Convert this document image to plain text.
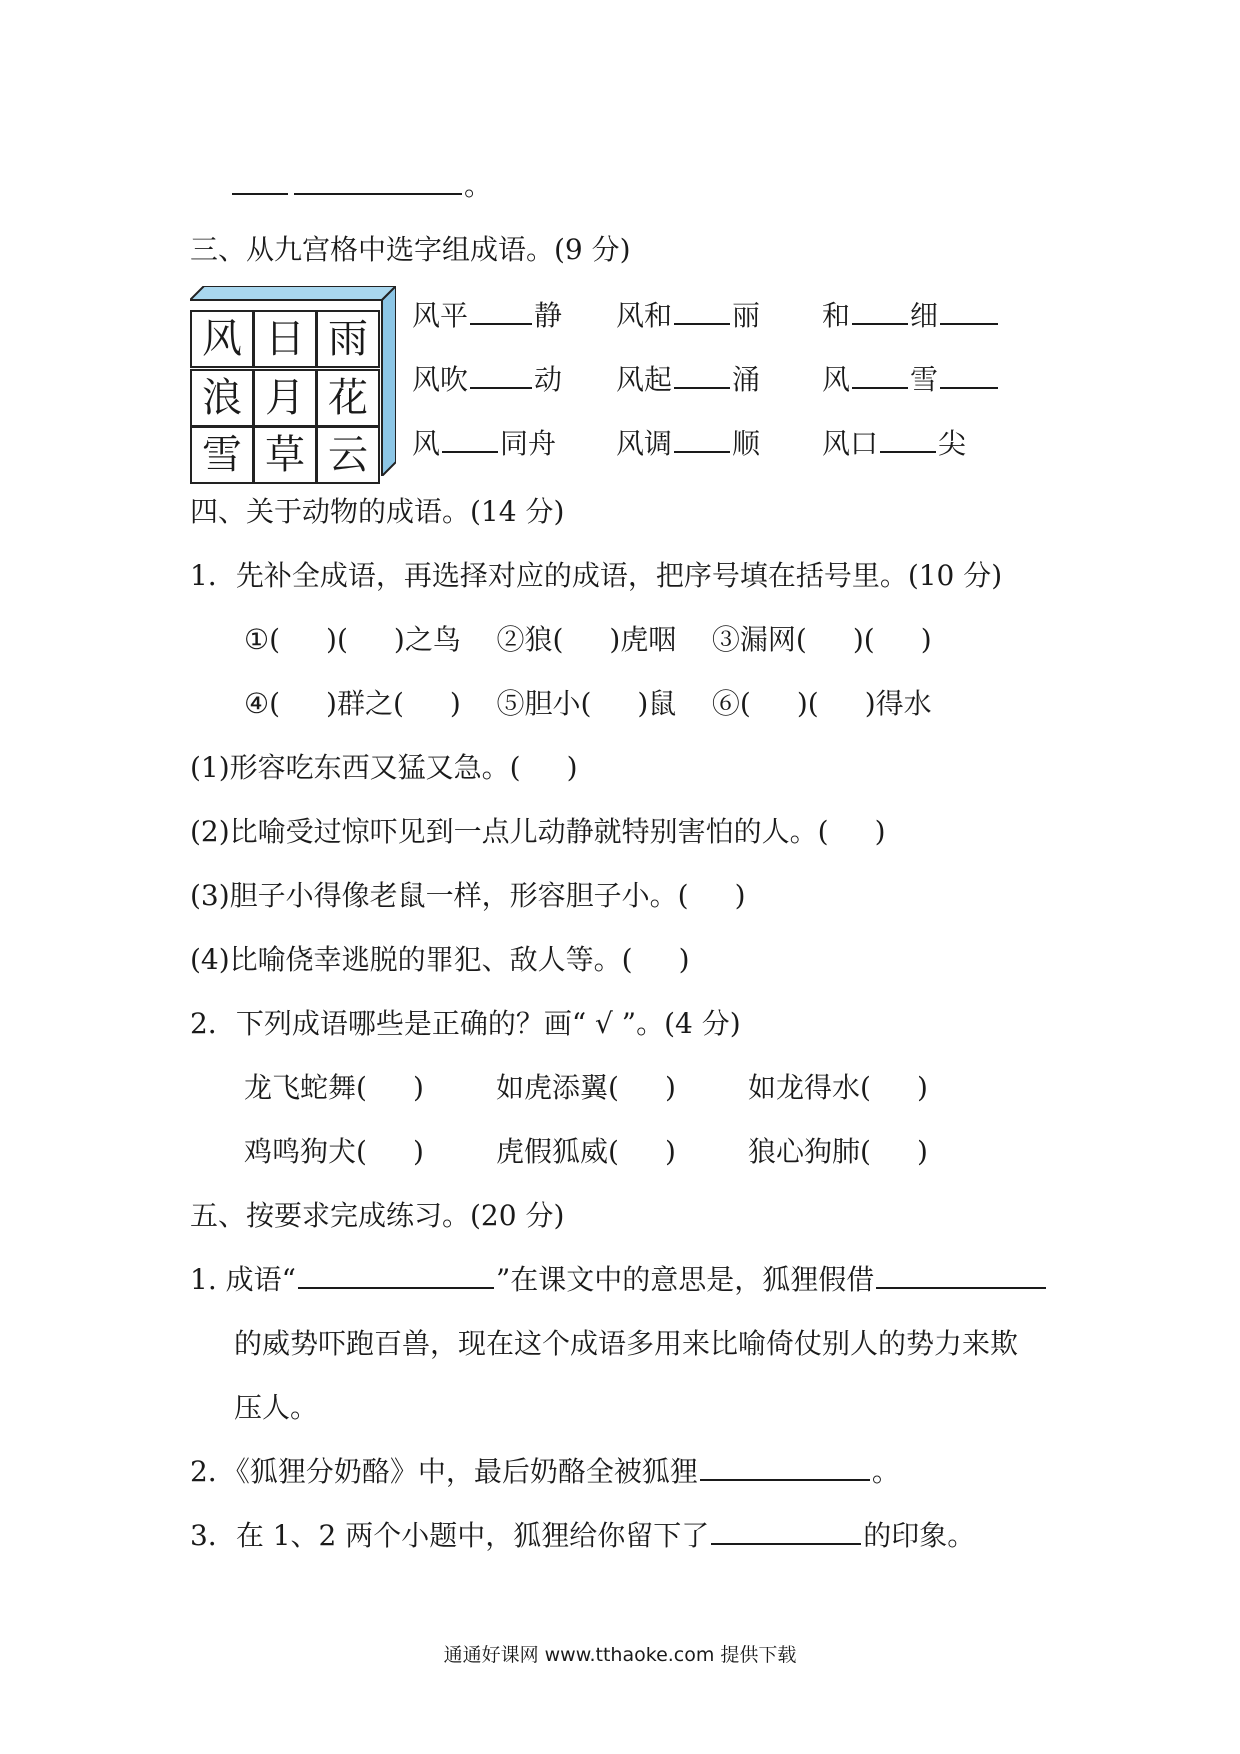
。
三、从九宫格中选字组成语。(9 分)
风 日 雨
浪 月 花
雪 草 云
风平 静 风和 丽 和 细
风吹 动 风起 涌 风 雪
风 同舟 风调 顺 风口 尖
四、关于动物的成语。(14 分)
1．先补全成语，再选择对应的成语，把序号填在括号里。(10 分)
①( )( )之鸟 ②狼( )虎咽 ③漏网( )( )
④( )群之( ) ⑤胆小( )鼠 ⑥( )( )得水
(1)形容吃东西又猛又急。( )
(2)比喻受过惊吓见到一点儿动静就特别害怕的人。( )
(3)胆子小得像老鼠一样，形容胆子小。( )
(4)比喻侥幸逃脱的罪犯、敌人等。( )
2．下列成语哪些是正确的？画“ √ ”。(4 分)
龙飞蛇舞( )	如虎添翼( )	如龙得水( )
鸡鸣狗犬( )	虎假狐威( )	狼心狗肺( )
五、按要求完成练习。(20 分)
1. 成语“	”在课文中的意思是，狐狸假借
的威势吓跑百兽，现在这个成语多用来比喻倚仗别人的势力来欺
压人。
2．《狐狸分奶酪》中，最后奶酪全被狐狸	。
3．在 1、2 两个小题中，狐狸给你留下了	的印象。
通通好课网 www.tthaoke.com 提供下载
